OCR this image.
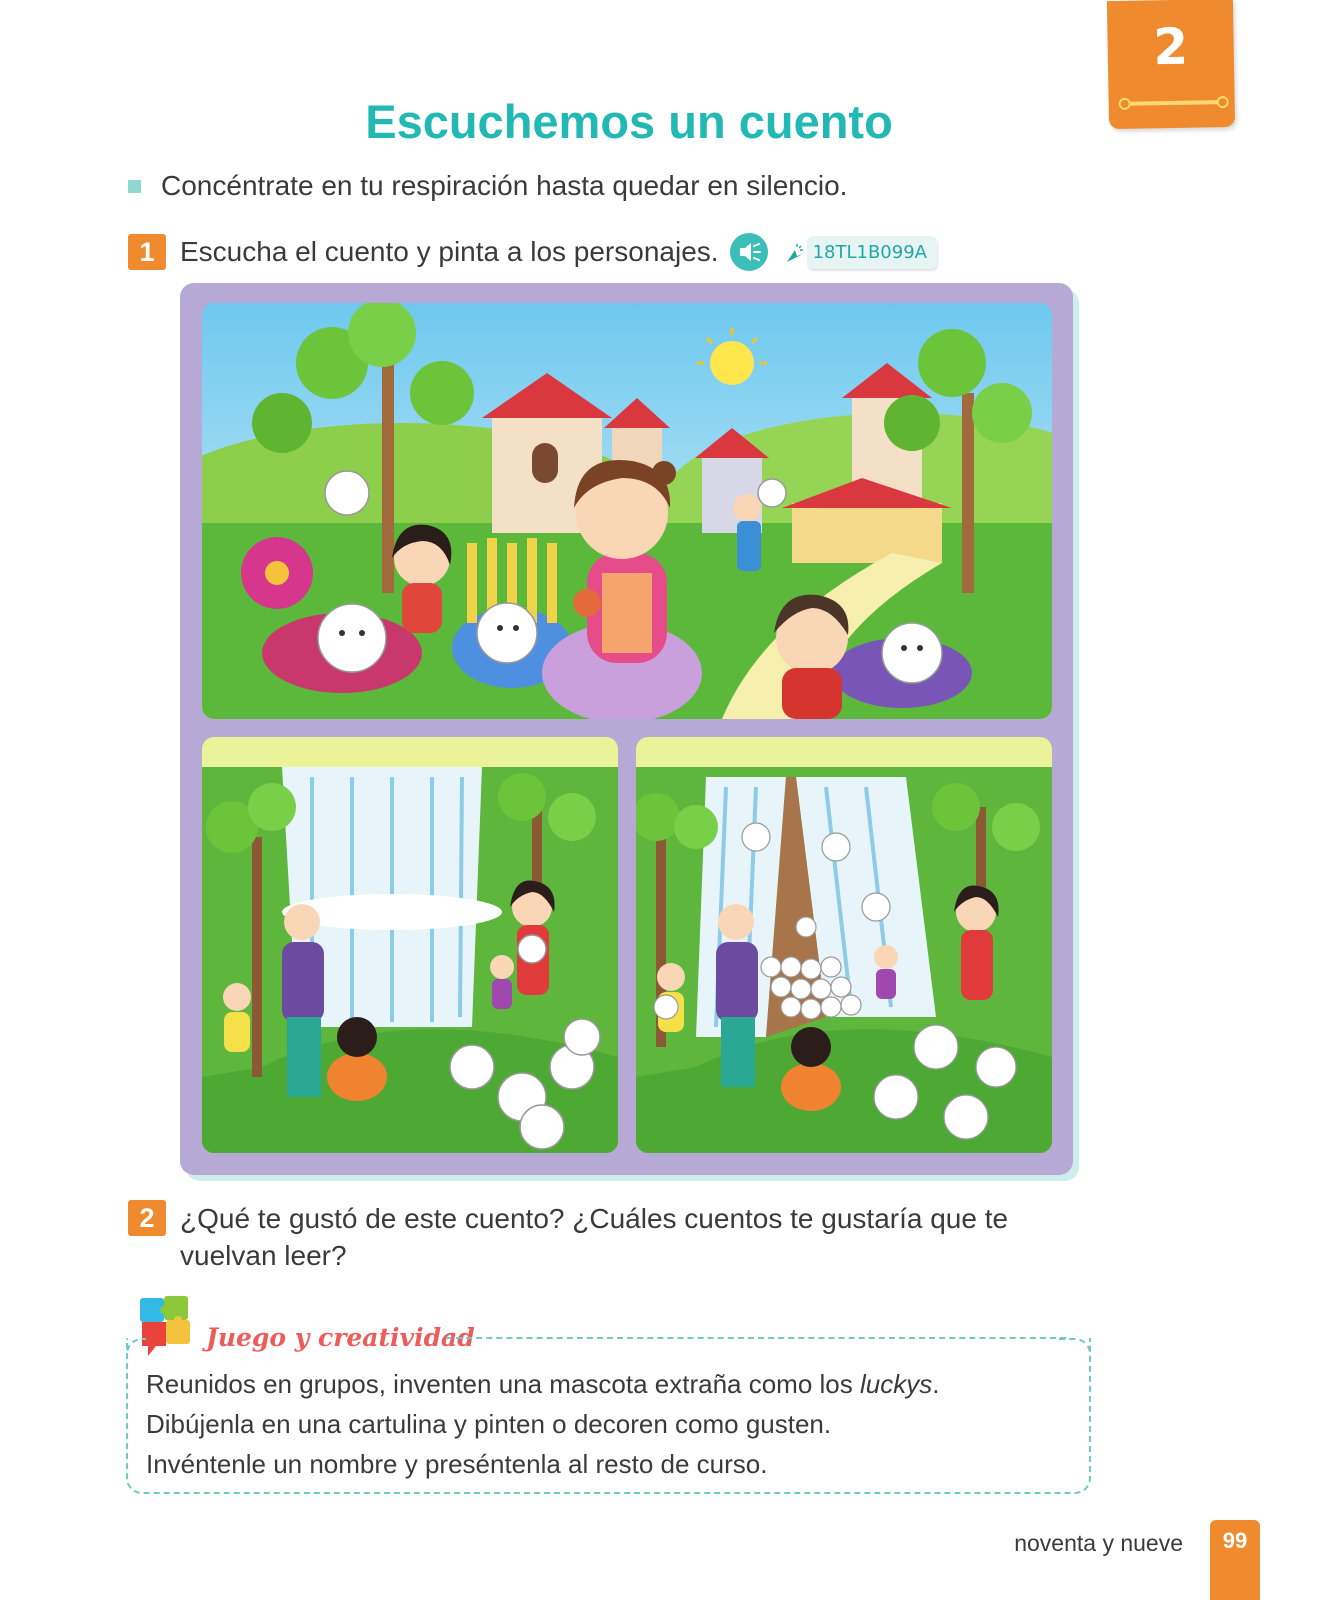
2
Escuchemos un cuento
Concéntrate en tu respiración hasta quedar en silencio.
1 Escucha el cuento y pinta a los personajes.	18TL1B099A
2 ¿Qué te gustó de este cuento? ¿Cuáles cuentos te gustaría que te vuelvan leer?
Juego y creatividad

Reunidos en grupos, inventen una mascota extraña como los luckys.

Dibújenla en una cartulina y pinten o decoren como gusten.

Invéntenle un nombre y preséntenla al resto de curso.

noventa y nueve	99
